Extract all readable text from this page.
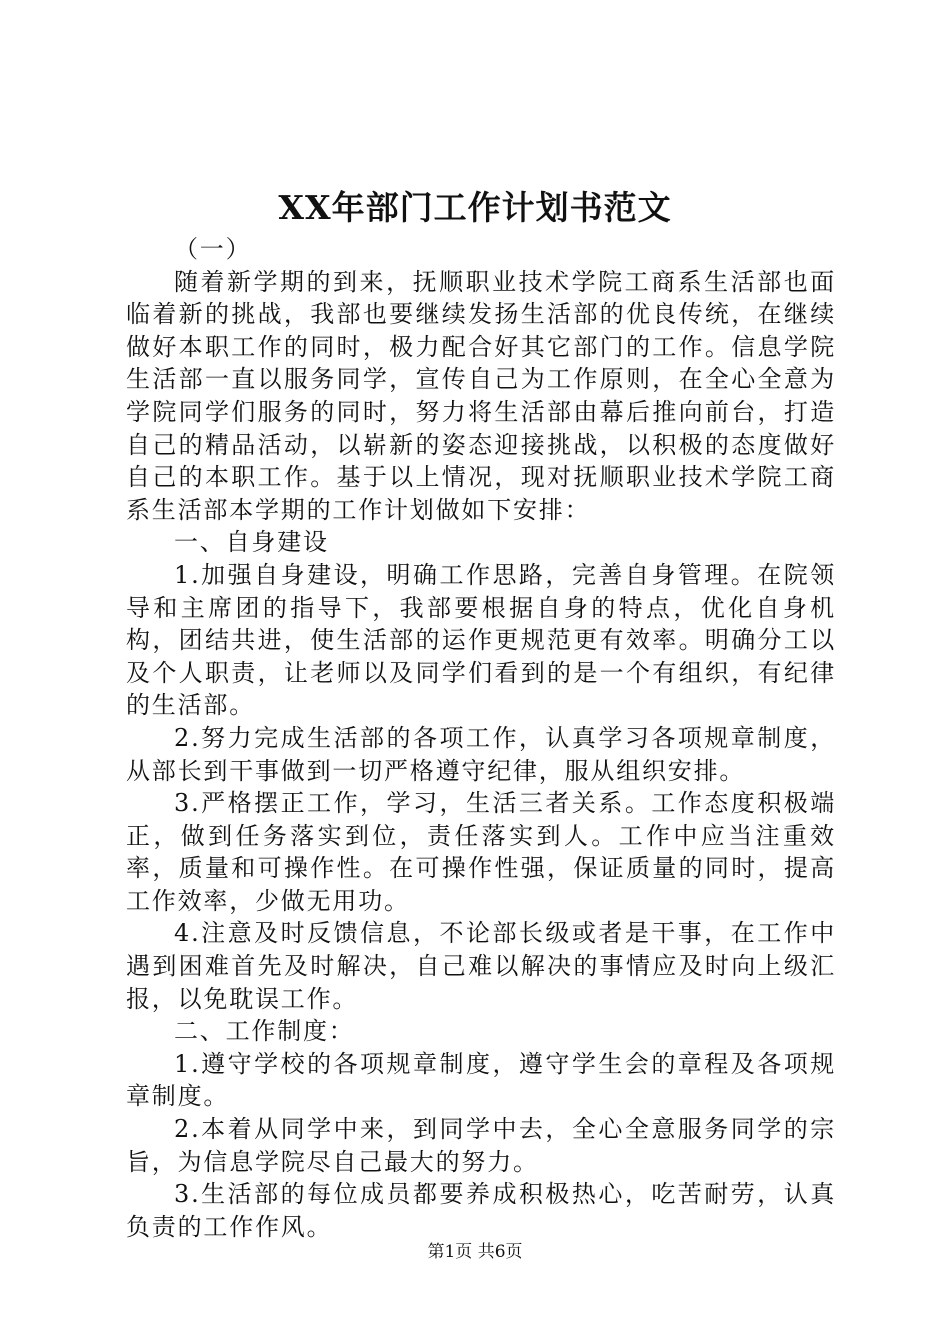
XX年部门工作计划书范文

（一）

随着新学期的到来，抚顺职业技术学院工商系生活部也面临着新的挑战，我部也要继续发扬生活部的优良传统，在继续做好本职工作的同时，极力配合好其它部门的工作。信息学院生活部一直以服务同学，宣传自己为工作原则，在全心全意为学院同学们服务的同时，努力将生活部由幕后推向前台，打造自己的精品活动，以崭新的姿态迎接挑战，以积极的态度做好自己的本职工作。基于以上情况，现对抚顺职业技术学院工商系生活部本学期的工作计划做如下安排：

一、自身建设

1.加强自身建设，明确工作思路，完善自身管理。在院领导和主席团的指导下，我部要根据自身的特点，优化自身机构，团结共进，使生活部的运作更规范更有效率。明确分工以及个人职责，让老师以及同学们看到的是一个有组织，有纪律的生活部。

2.努力完成生活部的各项工作，认真学习各项规章制度，从部长到干事做到一切严格遵守纪律，服从组织安排。

3.严格摆正工作，学习，生活三者关系。工作态度积极端正，做到任务落实到位，责任落实到人。工作中应当注重效率，质量和可操作性。在可操作性强，保证质量的同时，提高工作效率，少做无用功。

4.注意及时反馈信息，不论部长级或者是干事，在工作中遇到困难首先及时解决，自己难以解决的事情应及时向上级汇报，以免耽误工作。

二、工作制度：

1.遵守学校的各项规章制度，遵守学生会的章程及各项规章制度。

2.本着从同学中来，到同学中去，全心全意服务同学的宗旨，为信息学院尽自己最大的努力。

3.生活部的每位成员都要养成积极热心，吃苦耐劳，认真负责的工作作风。

第1页 共6页
